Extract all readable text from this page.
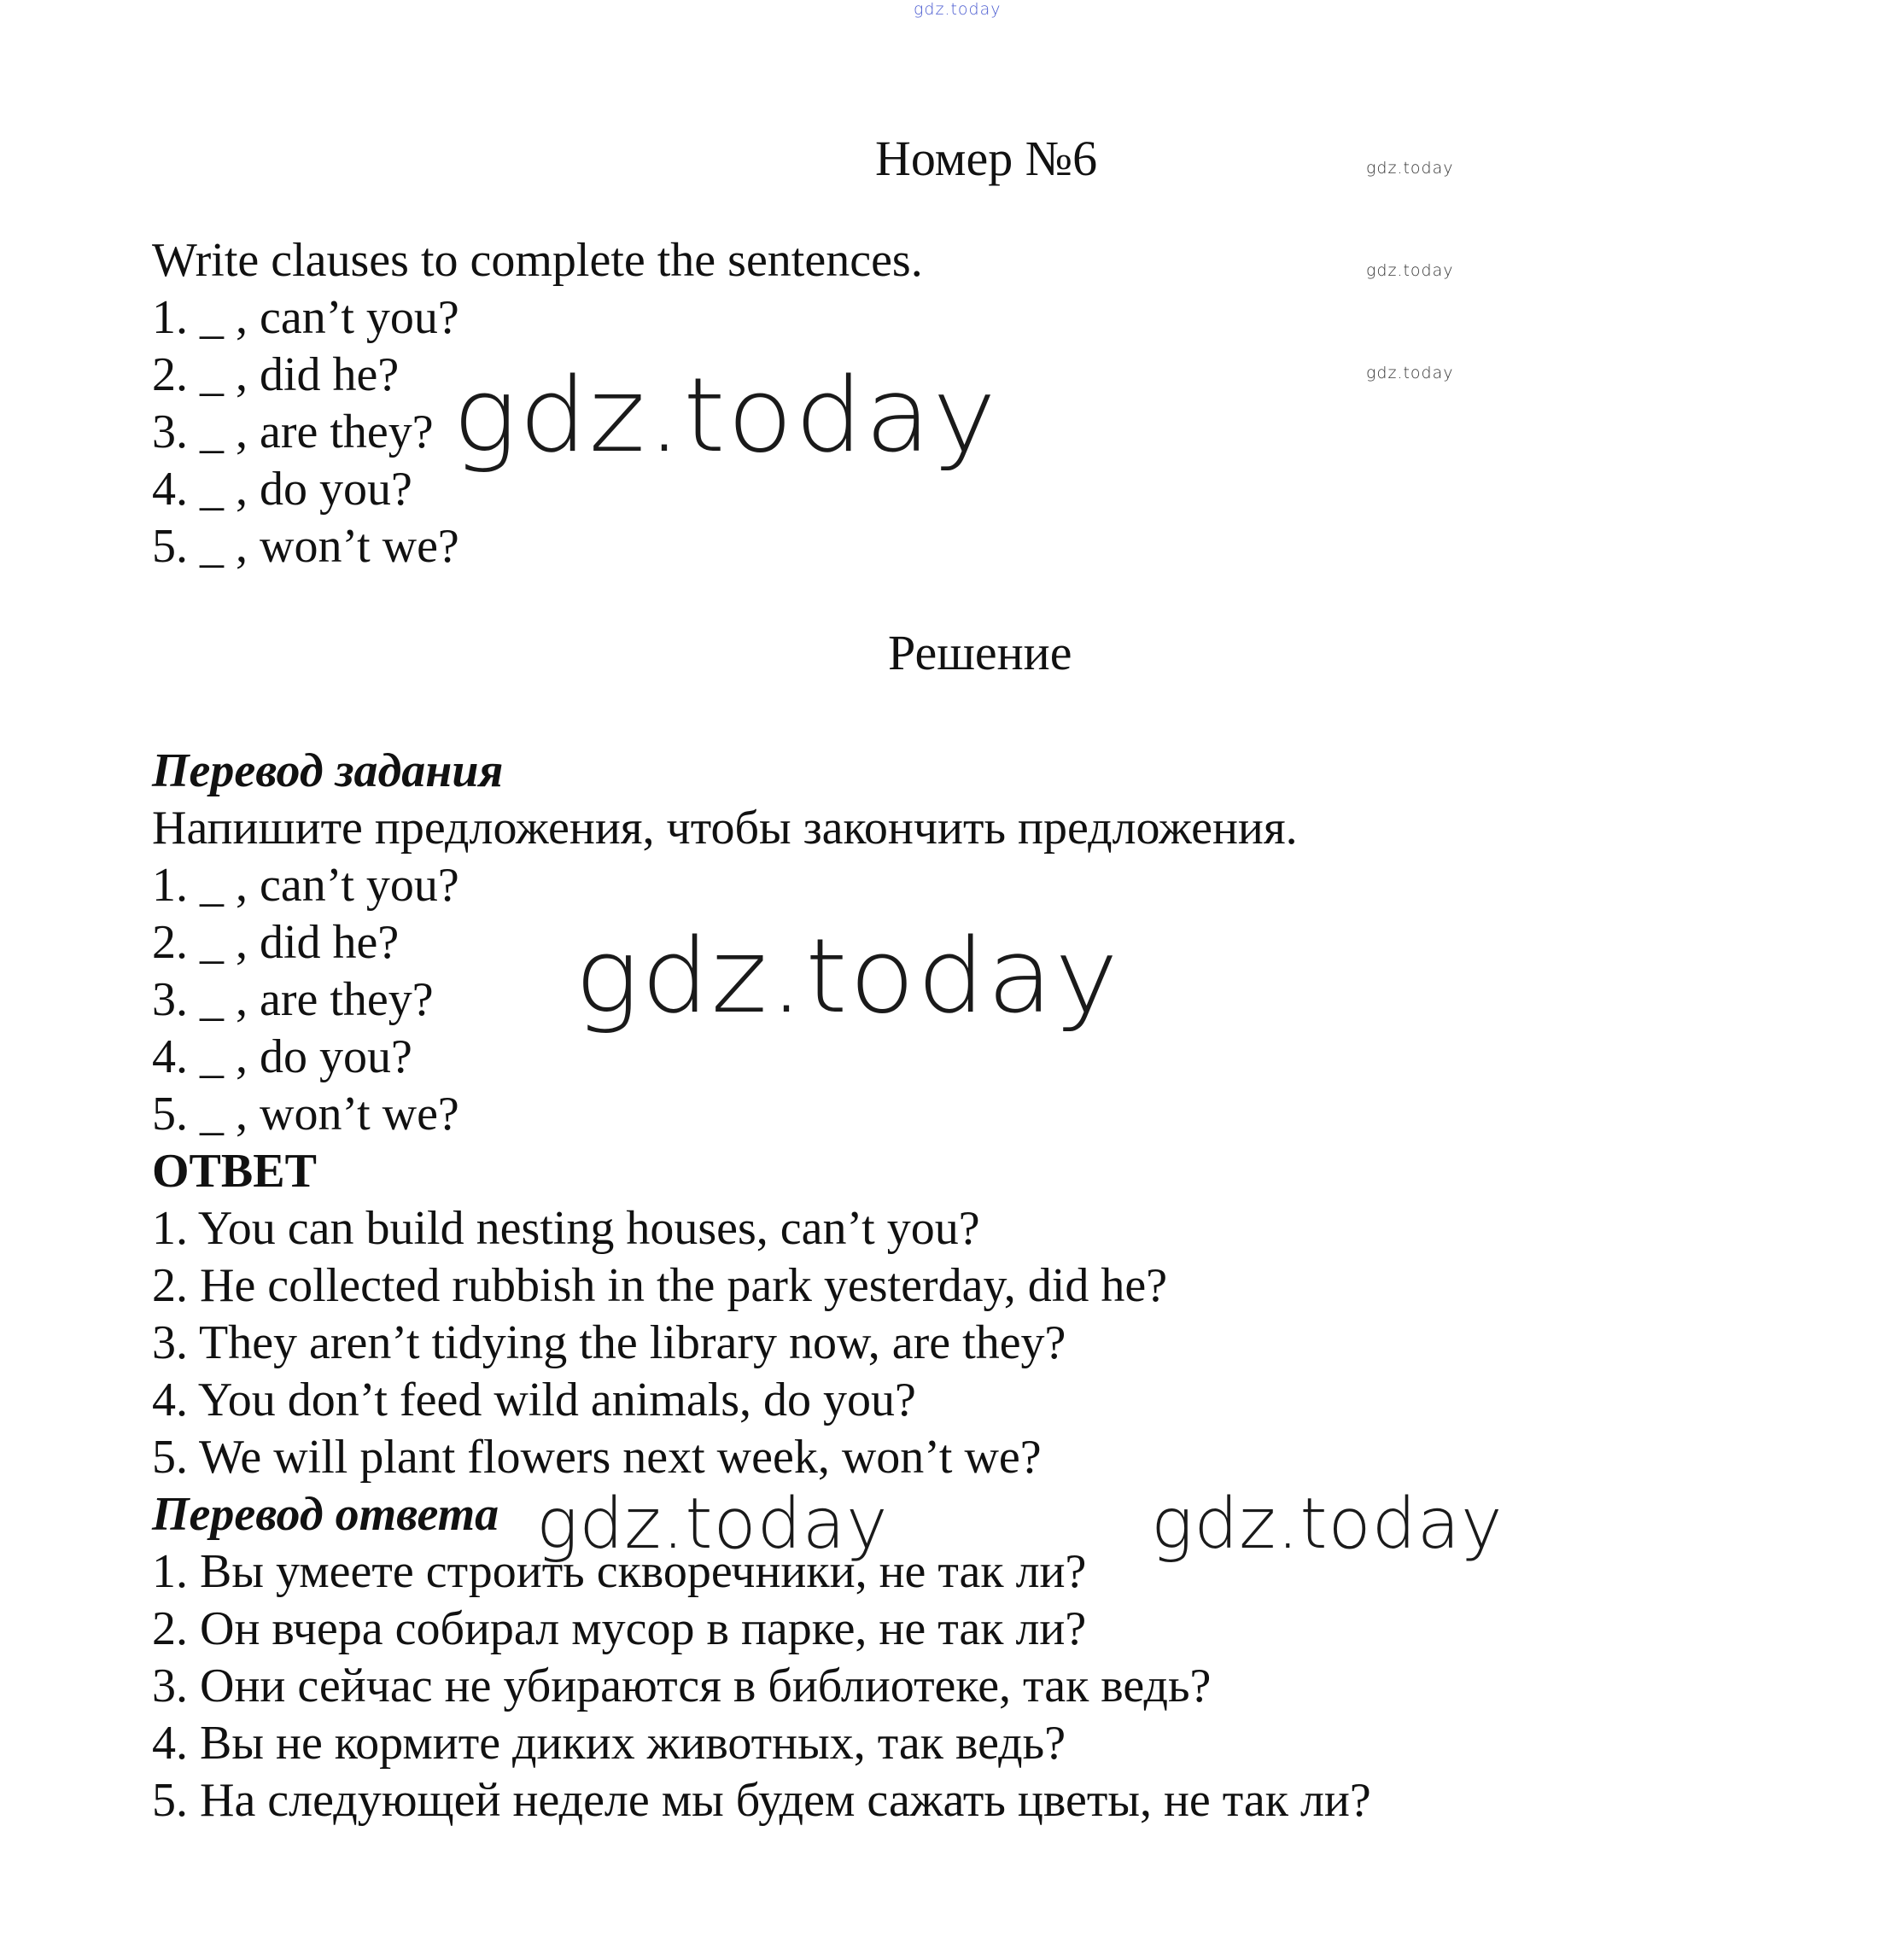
gdz.today
Номер №6	gdz.today
gdz.today
gdz.today
Write clauses to complete the sentences.
1. _ , can’t you?
2. _ , did he?
3. _ , are they?
4. _ , do you?
5. _ , won’t we?
gdz.today
Решение
Перевод задания
Напишите предложения, чтобы закончить предложения.
1. _ , can’t you?
2. _ , did he?
3. _ , are they?
4. _ , do you?
5. _ , won’t we?
gdz.today
ОТВЕТ
1. You can build nesting houses, can’t you?
2. He collected rubbish in the park yesterday, did he?
3. They aren’t tidying the library now, are they?
4. You don’t feed wild animals, do you?
5. We will plant flowers next week, won’t we?
Перевод ответа gdz.today	gdz.today
1. Вы умеете строить скворечники, не так ли?
2. Он вчера собирал мусор в парке, не так ли?
3. Они сейчас не убираются в библиотеке, так ведь?
4. Вы не кормите диких животных, так ведь?
5. На следующей неделе мы будем сажать цветы, не так ли?
